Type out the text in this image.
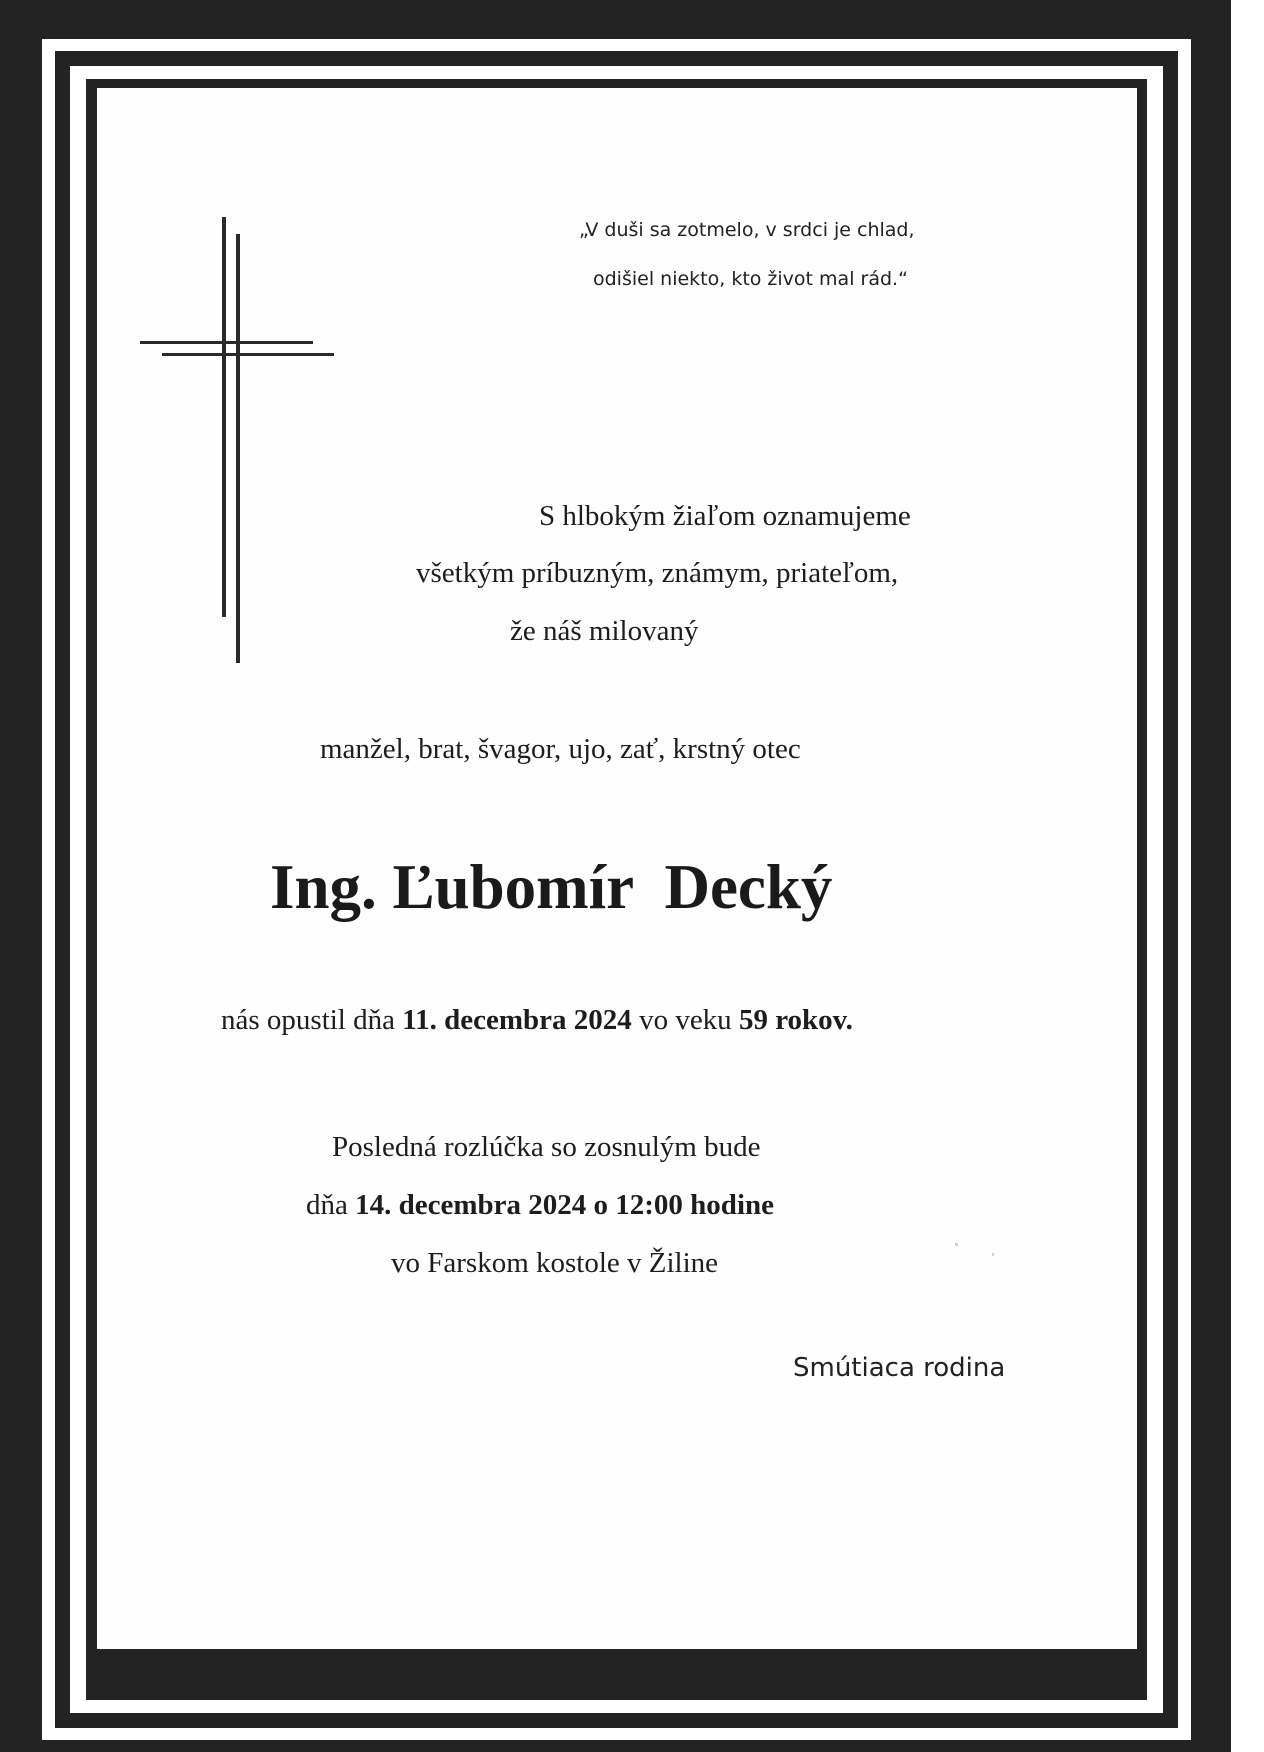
„V duši sa zotmelo, v srdci je chlad,
odišiel niekto, kto život mal rád.“
S hlbokým žiaľom oznamujeme
všetkým príbuzným, známym, priateľom,
že náš milovaný
manžel, brat, švagor, ujo, zať, krstný otec
Ing. Ľubomír  Decký
nás opustil dňa 11. decembra 2024 vo veku 59 rokov.
Posledná rozlúčka so zosnulým bude
dňa 14. decembra 2024 o 12:00 hodine
vo Farskom kostole v Žiline
Smútiaca rodina
